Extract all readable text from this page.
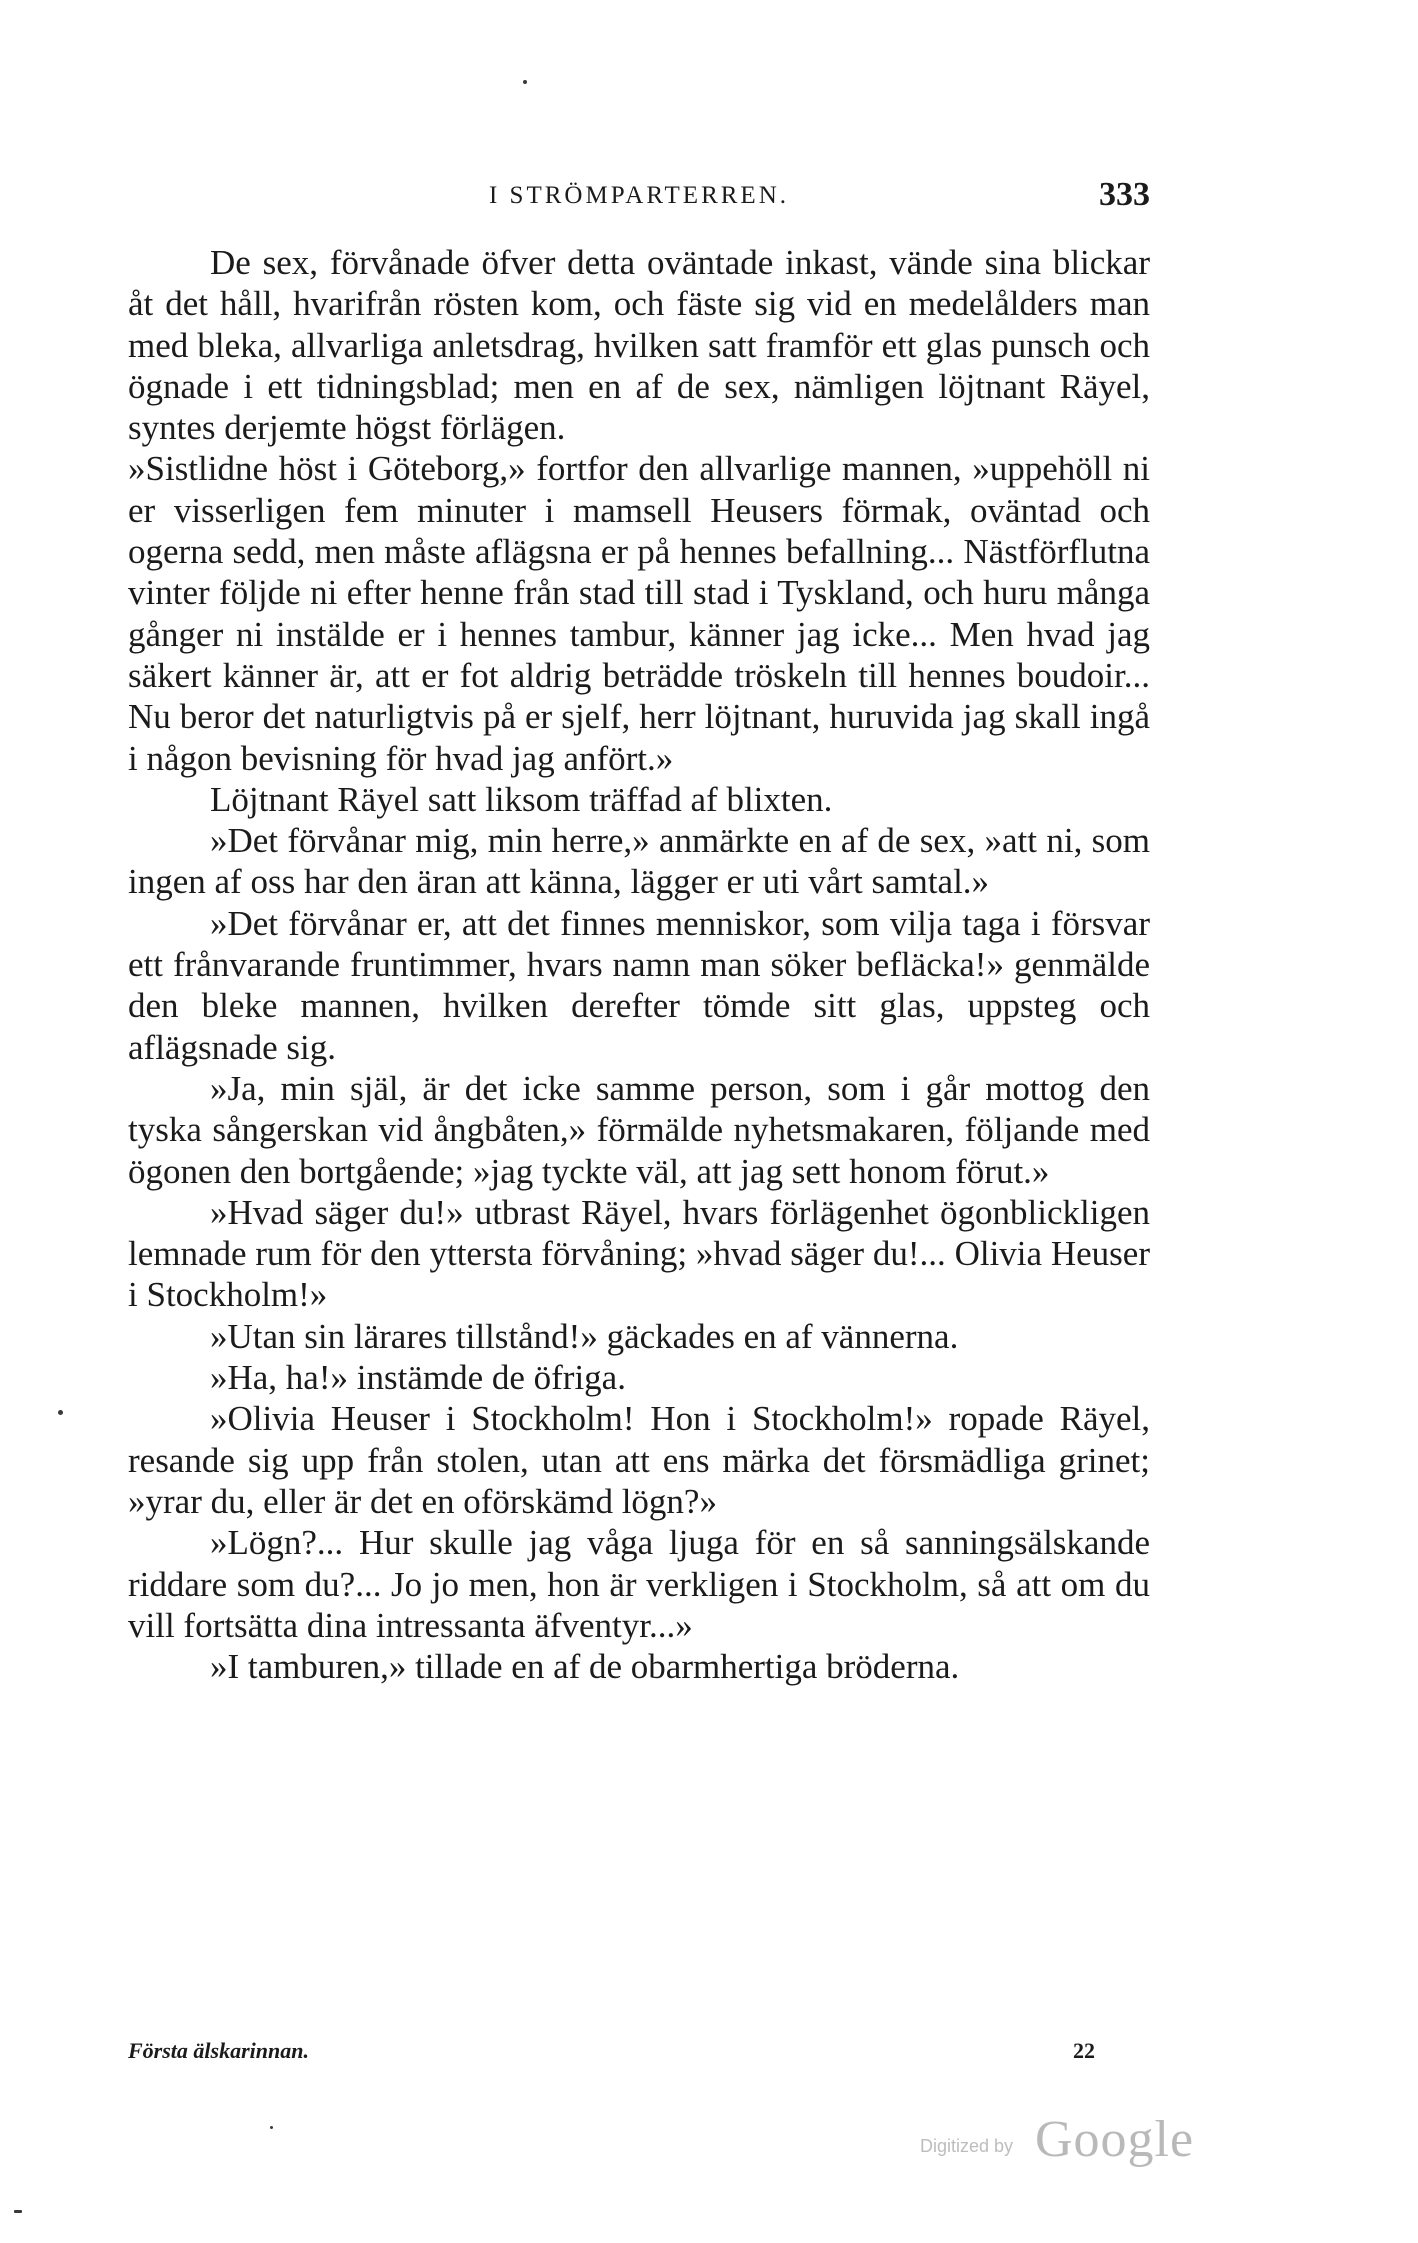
I STRÖMPARTERREN.	333

De sex, förvånade öfver detta oväntade inkast, vände sina blickar åt det håll, hvarifrån rösten kom, och fäste sig vid en medelålders man med bleka, allvarliga anletsdrag, hvilken satt framför ett glas punsch och ögnade i ett tidningsblad; men en af de sex, nämligen löjtnant Räyel, syntes derjemte högst förlägen.

»Sistlidne höst i Göteborg,» fortfor den allvarlige mannen, »uppehöll ni er visserligen fem minuter i mamsell Heusers förmak, oväntad och ogerna sedd, men måste aflägsna er på hennes befallning... Nästförflutna vinter följde ni efter henne från stad till stad i Tyskland, och huru många gånger ni instälde er i hennes tambur, känner jag icke... Men hvad jag säkert känner är, att er fot aldrig beträdde tröskeln till hennes boudoir... Nu beror det naturligtvis på er sjelf, herr löjtnant, huruvida jag skall ingå i någon bevisning för hvad jag anfört.»

Löjtnant Räyel satt liksom träffad af blixten.

»Det förvånar mig, min herre,» anmärkte en af de sex, »att ni, som ingen af oss har den äran att känna, lägger er uti vårt samtal.»

»Det förvånar er, att det finnes menniskor, som vilja taga i försvar ett frånvarande fruntimmer, hvars namn man söker befläcka!» genmälde den bleke mannen, hvilken derefter tömde sitt glas, uppsteg och aflägsnade sig.

»Ja, min själ, är det icke samme person, som i går mottog den tyska sångerskan vid ångbåten,» förmälde nyhetsmakaren, följande med ögonen den bortgående; »jag tyckte väl, att jag sett honom förut.»

»Hvad säger du!» utbrast Räyel, hvars förlägenhet ögonblickligen lemnade rum för den yttersta förvåning; »hvad säger du!... Olivia Heuser i Stockholm!»

»Utan sin lärares tillstånd!» gäckades en af vännerna.

»Ha, ha!» instämde de öfriga.

»Olivia Heuser i Stockholm! Hon i Stockholm!» ropade Räyel, resande sig upp från stolen, utan att ens märka det försmädliga grinet; »yrar du, eller är det en oförskämd lögn?»

»Lögn?... Hur skulle jag våga ljuga för en så sanningsälskande riddare som du?... Jo jo men, hon är verkligen i Stockholm, så att om du vill fortsätta dina intressanta äfventyr...»

»I tamburen,» tillade en af de obarmhertiga bröderna.

Första älskarinnan.	22
Digitized by Google
